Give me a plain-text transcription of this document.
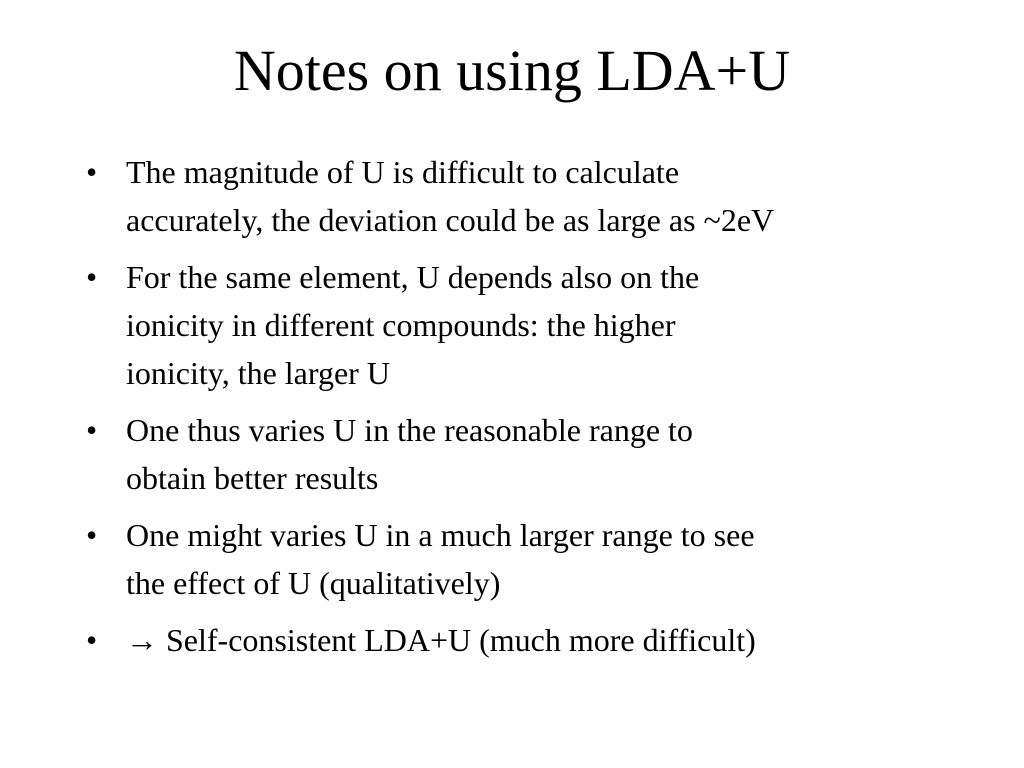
Notes on using LDA+U
• The magnitude of U is difficult to calculate
accurately, the deviation could be as large as ~2eV
• For the same element, U depends also on the
ionicity in different compounds: the higher
ionicity, the larger U
• One thus varies U in the reasonable range to
obtain better results
• One might varies U in a much larger range to see
the effect of U (qualitatively)
• → Self-consistent LDA+U (much more difficult)
